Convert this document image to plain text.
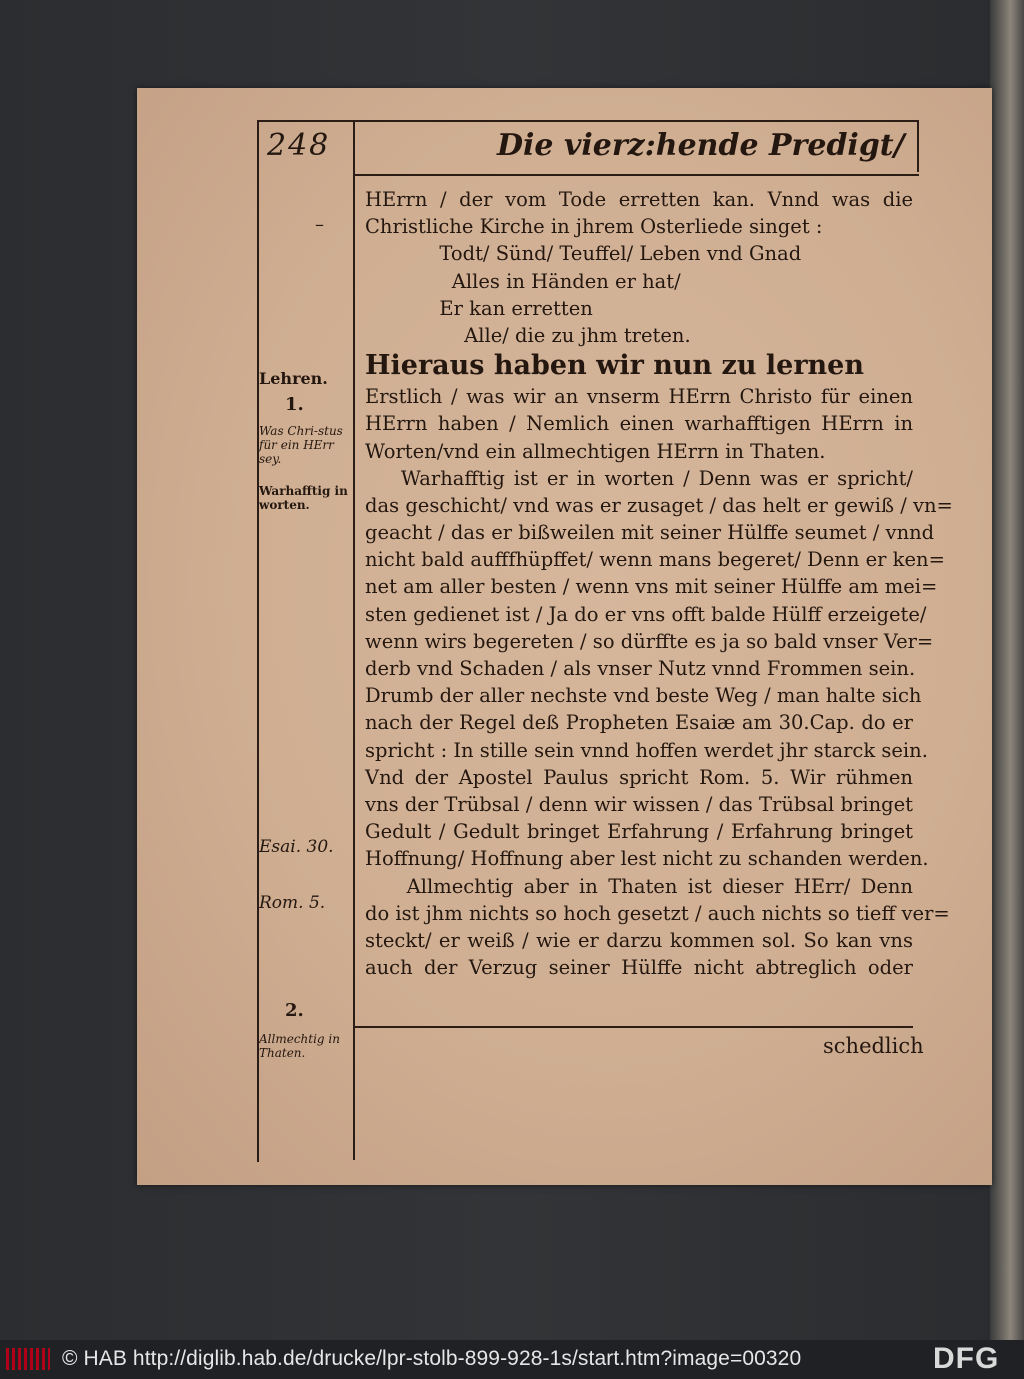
248	Die vierz:hende Predigt/
–
Lehren.
1.
Was Chri-stus für ein HErr sey.
Warhafftig in worten.
Esai. 30.
Rom. 5.
2.
Allmechtig in Thaten.
HErrn / der vom Tode erretten kan. Vnnd was die
Christliche Kirche in jhrem Osterliede singet :
Todt/ Sünd/ Teuffel/ Leben vnd Gnad
Alles in Händen er hat/
Er kan erretten
Alle/ die zu jhm treten.
Hieraus haben wir nun zu lernen
Erstlich / was wir an vnserm HErrn Christo für einen
HErrn haben / Nemlich einen warhafftigen HErrn in
Worten/vnd ein allmechtigen HErrn in Thaten.
Warhafftig ist er in worten / Denn was er spricht/
das geschicht/ vnd was er zusaget / das helt er gewiß / vn=
geacht / das er bißweilen mit seiner Hülffe seumet / vnnd
nicht bald aufffhüpffet/ wenn mans begeret/ Denn er ken=
net am aller besten / wenn vns mit seiner Hülffe am mei=
sten gedienet ist / Ja do er vns offt balde Hülff erzeigete/
wenn wirs begereten / so dürffte es ja so bald vnser Ver=
derb vnd Schaden / als vnser Nutz vnnd Frommen sein.
Drumb der aller nechste vnd beste Weg / man halte sich
nach der Regel deß Propheten Esaiæ am 30.Cap. do er
spricht : In stille sein vnnd hoffen werdet jhr starck sein.
Vnd der Apostel Paulus spricht Rom. 5. Wir rühmen
vns der Trübsal / denn wir wissen / das Trübsal bringet
Gedult / Gedult bringet Erfahrung / Erfahrung bringet
Hoffnung/ Hoffnung aber lest nicht zu schanden werden.
Allmechtig aber in Thaten ist dieser HErr/ Denn
do ist jhm nichts so hoch gesetzt / auch nichts so tieff ver=
steckt/ er weiß / wie er darzu kommen sol. So kan vns
auch der Verzug seiner Hülffe nicht abtreglich oder
schedlich
© HAB http://diglib.hab.de/drucke/lpr-stolb-899-928-1s/start.htm?image=00320	DFG
